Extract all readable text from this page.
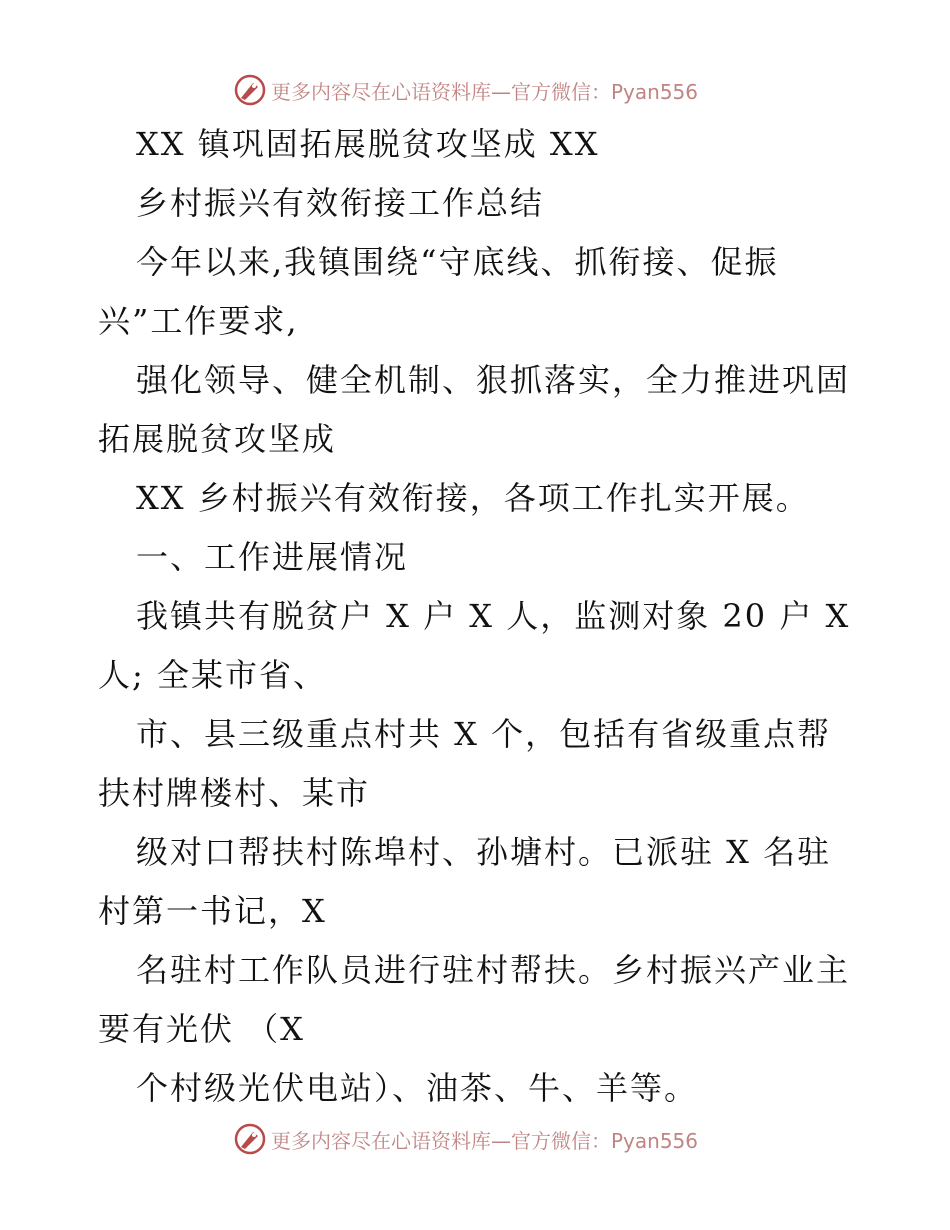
更多内容尽在心语资料库—官方微信：Pyan556
XX 镇巩固拓展脱贫攻坚成 XX
乡村振兴有效衔接工作总结
今年以来,我镇围绕“守底线、抓衔接、促振
兴”工作要求,
强化领导、健全机制、狠抓落实，全力推进巩固
拓展脱贫攻坚成
XX 乡村振兴有效衔接，各项工作扎实开展。
一、工作进展情况
我镇共有脱贫户 X 户 X 人，监测对象 20 户 X
人; 全某市省、
市、县三级重点村共 X 个，包括有省级重点帮
扶村牌楼村、某市
级对口帮扶村陈埠村、孙塘村。已派驻 X 名驻
村第一书记，X
名驻村工作队员进行驻村帮扶。乡村振兴产业主
要有光伏 （X
个村级光伏电站）、油茶、牛、羊等。
更多内容尽在心语资料库—官方微信：Pyan556
